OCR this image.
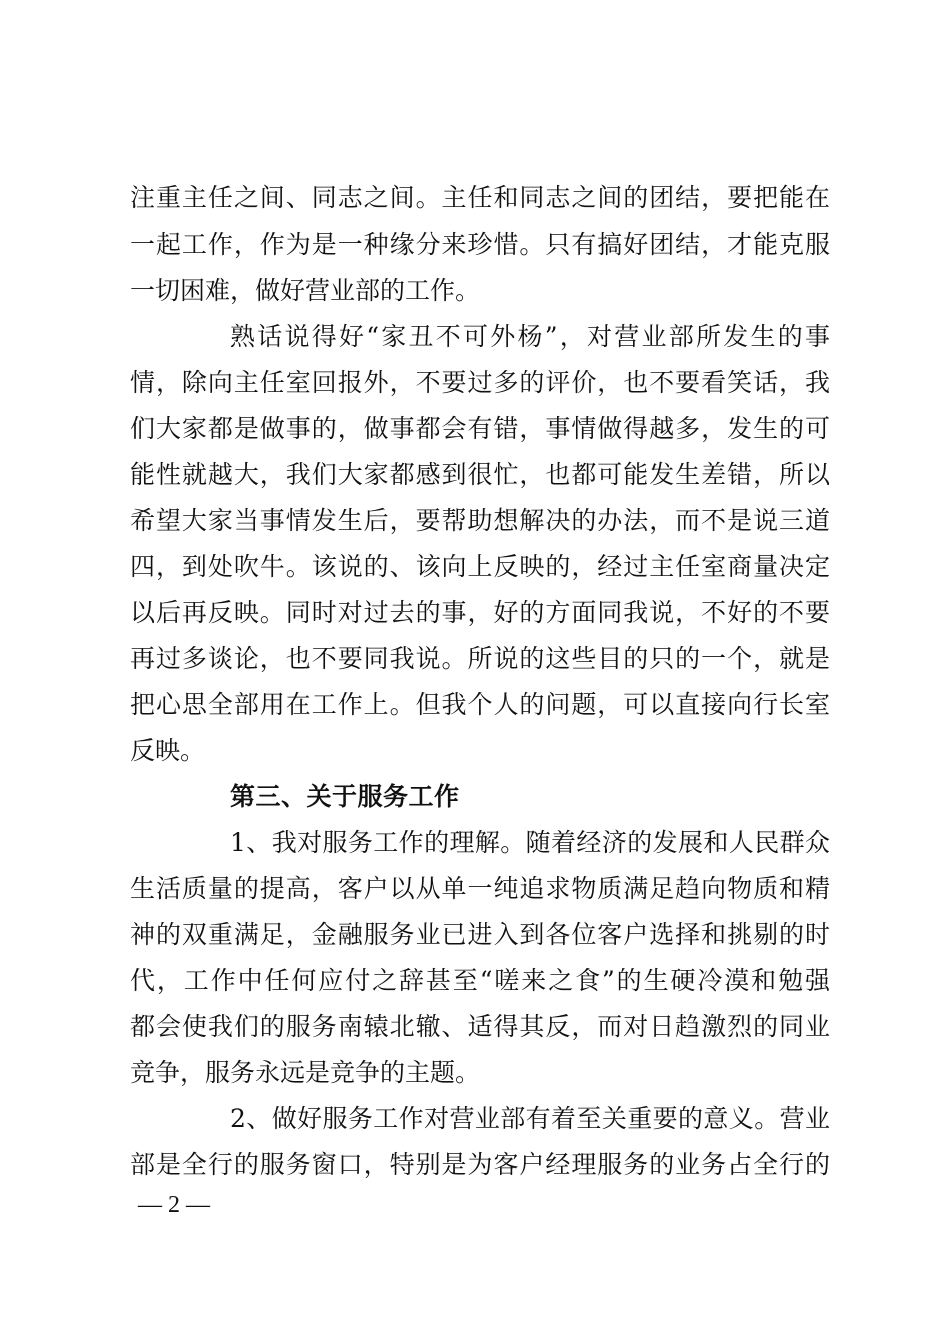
注重主任之间、同志之间。主任和同志之间的团结，要把能在
一起工作，作为是一种缘分来珍惜。只有搞好团结，才能克服
一切困难，做好营业部的工作。
熟话说得好“家丑不可外杨”，对营业部所发生的事
情，除向主任室回报外，不要过多的评价，也不要看笑话，我
们大家都是做事的，做事都会有错，事情做得越多，发生的可
能性就越大，我们大家都感到很忙，也都可能发生差错，所以
希望大家当事情发生后，要帮助想解决的办法，而不是说三道
四，到处吹牛。该说的、该向上反映的，经过主任室商量决定
以后再反映。同时对过去的事，好的方面同我说，不好的不要
再过多谈论，也不要同我说。所说的这些目的只的一个，就是
把心思全部用在工作上。但我个人的问题，可以直接向行长室
反映。
第三、关于服务工作
1、我对服务工作的理解。随着经济的发展和人民群众
生活质量的提高，客户以从单一纯追求物质满足趋向物质和精
神的双重满足，金融服务业已进入到各位客户选择和挑剔的时
代，工作中任何应付之辞甚至“嗟来之食”的生硬冷漠和勉强
都会使我们的服务南辕北辙、适得其反，而对日趋激烈的同业
竞争，服务永远是竞争的主题。
2、做好服务工作对营业部有着至关重要的意义。营业
部是全行的服务窗口，特别是为客户经理服务的业务占全行的
— 2 —
